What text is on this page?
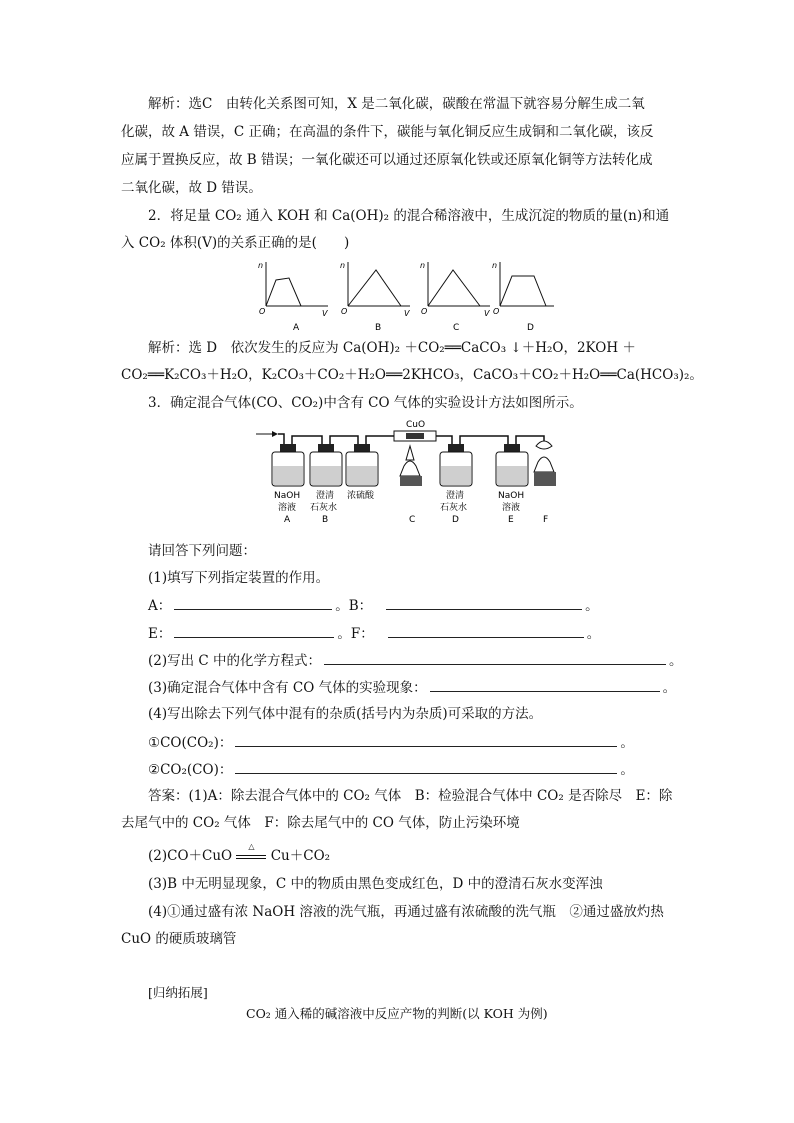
解析：选C　由转化关系图可知，X 是二氧化碳，碳酸在常温下就容易分解生成二氧
化碳，故 A 错误，C 正确；在高温的条件下，碳能与氧化铜反应生成铜和二氧化碳，该反
应属于置换反应，故 B 错误；一氧化碳还可以通过还原氧化铁或还原氧化铜等方法转化成
二氧化碳，故 D 错误。
2．将足量 CO₂ 通入 KOH 和 Ca(OH)₂ 的混合稀溶液中，生成沉淀的物质的量(n)和通
入 CO₂ 体积(V)的关系正确的是(　　)
n
O	V
A
n
O	V
B
n
O	V
C
n
O
D
解析：选 D　依次发生的反应为 Ca(OH)₂ ＋CO₂══CaCO₃ ↓＋H₂O，2KOH ＋
CO₂══K₂CO₃＋H₂O，K₂CO₃＋CO₂＋H₂O══2KHCO₃，CaCO₃＋CO₂＋H₂O══Ca(HCO₃)₂。
3．确定混合气体(CO、CO₂)中含有 CO 气体的实验设计方法如图所示。
CuO
NaOH
溶液
A
澄清
石灰水
B
浓硫酸
C
澄清
石灰水
D
NaOH
溶液
E	F
请回答下列问题：
(1)填写下列指定装置的作用。
A：	。B：	。
E：	。F：	。
(2)写出 C 中的化学方程式：	。
(3)确定混合气体中含有 CO 气体的实验现象：	。
(4)写出除去下列气体中混有的杂质(括号内为杂质)可采取的方法。
①CO(CO₂)：	。
②CO₂(CO)：	。
答案：(1)A：除去混合气体中的 CO₂ 气体　B：检验混合气体中 CO₂ 是否除尽　E：除
去尾气中的 CO₂ 气体　F：除去尾气中的 CO 气体，防止污染环境
(2)CO＋CuO
△
Cu＋CO₂
(3)B 中无明显现象，C 中的物质由黑色变成红色，D 中的澄清石灰水变浑浊
(4)①通过盛有浓 NaOH 溶液的洗气瓶，再通过盛有浓硫酸的洗气瓶　②通过盛放灼热
CuO 的硬质玻璃管
[归纳拓展]
CO₂ 通入稀的碱溶液中反应产物的判断(以 KOH 为例)
